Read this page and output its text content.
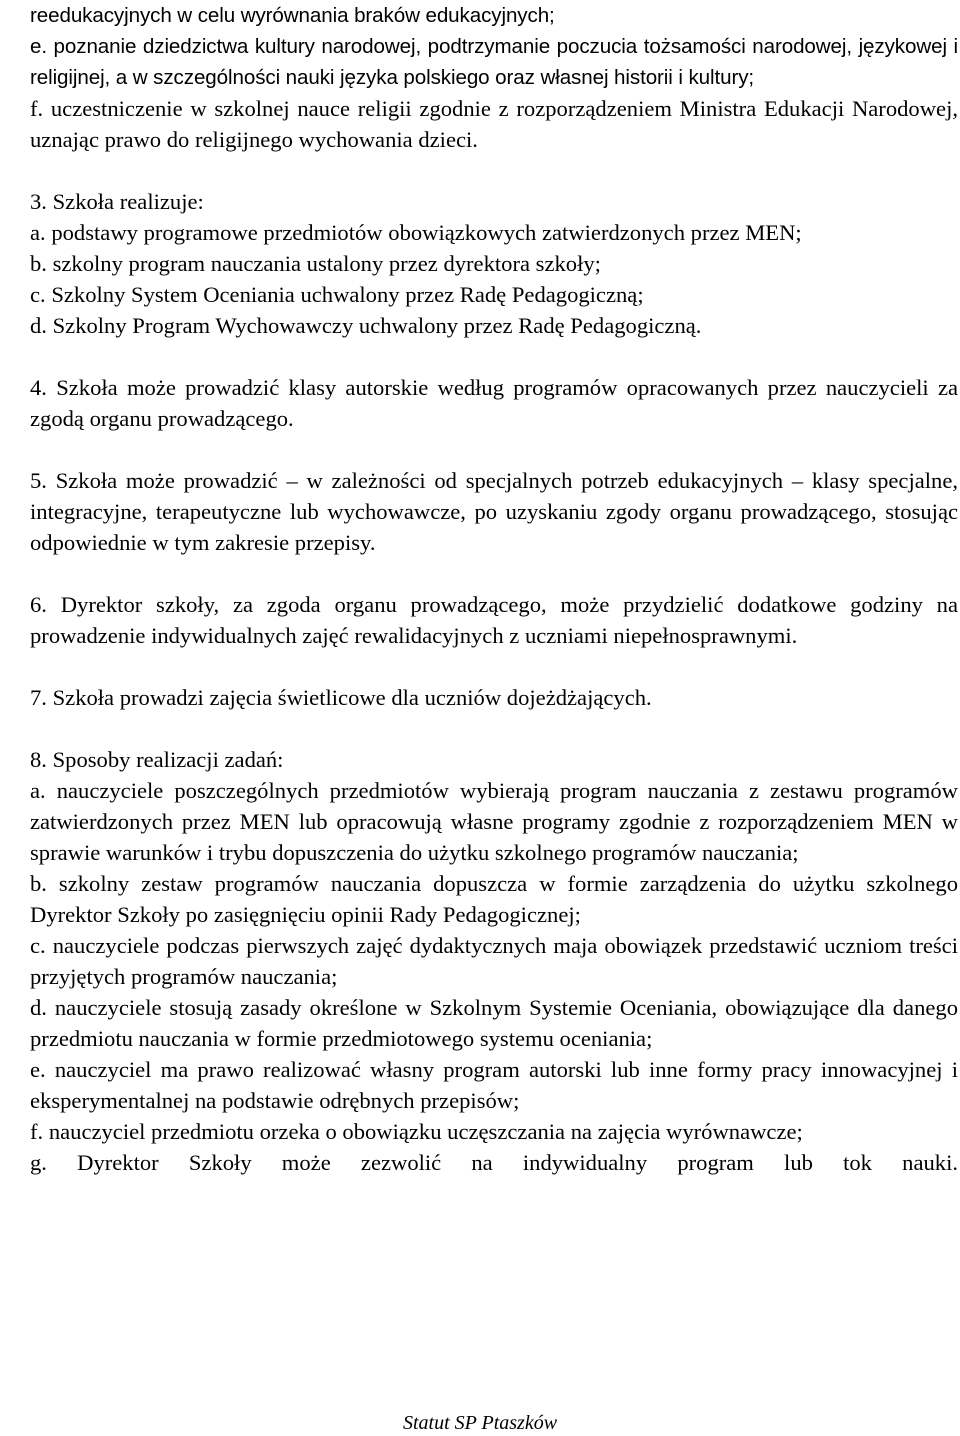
reedukacyjnych w celu wyrównania braków edukacyjnych;

e. poznanie dziedzictwa kultury narodowej, podtrzymanie poczucia tożsamości narodowej, językowej i religijnej, a w szczególności nauki języka polskiego oraz własnej historii i kultury;

f. uczestniczenie w szkolnej nauce religii zgodnie z rozporządzeniem Ministra Edukacji Narodowej, uznając prawo do religijnego wychowania dzieci.

3. Szkoła realizuje:

a. podstawy programowe przedmiotów obowiązkowych zatwierdzonych przez MEN;

b. szkolny program nauczania ustalony przez dyrektora szkoły;

c. Szkolny System Oceniania uchwalony przez Radę Pedagogiczną;

d. Szkolny Program Wychowawczy uchwalony przez Radę Pedagogiczną.

4. Szkoła może prowadzić klasy autorskie według programów opracowanych przez nauczycieli za zgodą organu prowadzącego.

5. Szkoła może prowadzić – w zależności od specjalnych potrzeb edukacyjnych – klasy specjalne, integracyjne, terapeutyczne lub wychowawcze, po uzyskaniu zgody organu prowadzącego, stosując odpowiednie w tym zakresie przepisy.

6. Dyrektor szkoły, za zgoda organu prowadzącego, może przydzielić dodatkowe godziny na prowadzenie indywidualnych zajęć rewalidacyjnych z uczniami niepełnosprawnymi.

7. Szkoła prowadzi zajęcia świetlicowe dla uczniów dojeżdżających.

8. Sposoby realizacji zadań:

a. nauczyciele poszczególnych przedmiotów wybierają program nauczania z zestawu programów zatwierdzonych przez MEN lub opracowują własne programy zgodnie z rozporządzeniem MEN w sprawie warunków i trybu dopuszczenia do użytku szkolnego programów nauczania;

b. szkolny zestaw programów nauczania dopuszcza w formie zarządzenia do użytku szkolnego Dyrektor Szkoły po zasięgnięciu opinii Rady Pedagogicznej;

c. nauczyciele podczas pierwszych zajęć dydaktycznych maja obowiązek przedstawić uczniom treści przyjętych programów nauczania;

d. nauczyciele stosują zasady określone w Szkolnym Systemie Oceniania, obowiązujące dla danego przedmiotu nauczania w formie przedmiotowego systemu oceniania;

e. nauczyciel ma prawo realizować własny program autorski lub inne formy pracy innowacyjnej i eksperymentalnej na podstawie odrębnych przepisów;

f. nauczyciel przedmiotu orzeka o obowiązku uczęszczania na zajęcia wyrównawcze;

g. Dyrektor Szkoły może zezwolić na indywidualny program lub tok nauki.

Statut SP Ptaszków
